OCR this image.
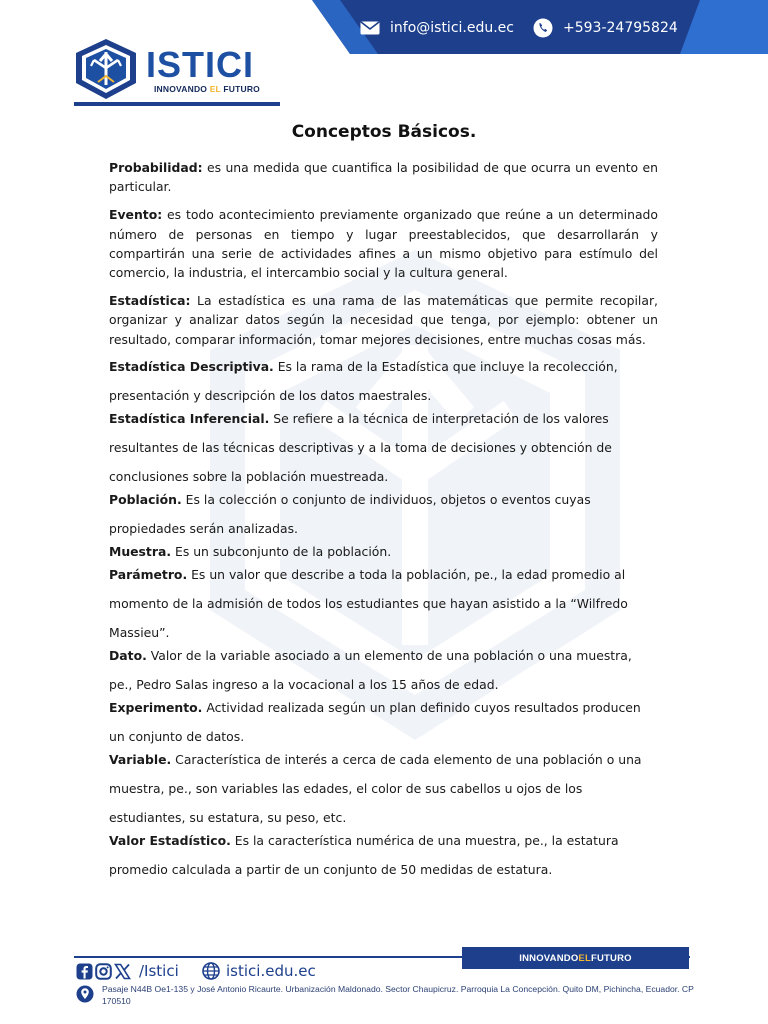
info@istici.edu.ec	+593-24795824
ISTICI
INNOVANDO EL FUTURO
Conceptos Básicos.

Probabilidad: es una medida que cuantifica la posibilidad de que ocurra un evento en particular.

Evento: es todo acontecimiento previamente organizado que reúne a un determinado número de personas en tiempo y lugar preestablecidos, que desarrollarán y compartirán una serie de actividades afines a un mismo objetivo para estímulo del comercio, la industria, el intercambio social y la cultura general.

Estadística: La estadística es una rama de las matemáticas que permite recopilar, organizar y analizar datos según la necesidad que tenga, por ejemplo: obtener un resultado, comparar información, tomar mejores decisiones, entre muchas cosas más.

Estadística Descriptiva. Es la rama de la Estadística que incluye la recolección, presentación y descripción de los datos maestrales.

Estadística Inferencial. Se refiere a la técnica de interpretación de los valores resultantes de las técnicas descriptivas y a la toma de decisiones y obtención de conclusiones sobre la población muestreada.

Población. Es la colección o conjunto de individuos, objetos o eventos cuyas propiedades serán analizadas.

Muestra. Es un subconjunto de la población.

Parámetro. Es un valor que describe a toda la población, pe., la edad promedio al momento de la admisión de todos los estudiantes que hayan asistido a la “Wilfredo Massieu”.

Dato. Valor de la variable asociado a un elemento de una población o una muestra, pe., Pedro Salas ingreso a la vocacional a los 15 años de edad.

Experimento. Actividad realizada según un plan definido cuyos resultados producen un conjunto de datos.

Variable. Característica de interés a cerca de cada elemento de una población o una muestra, pe., son variables las edades, el color de sus cabellos u ojos de los estudiantes, su estatura, su peso, etc.

Valor Estadístico. Es la característica numérica de una muestra, pe., la estatura promedio calculada a partir de un conjunto de 50 medidas de estatura.

INNOVANDO EL FUTURO
/Istici	istici.edu.ec
Pasaje N44B Oe1-135 y José Antonio Ricaurte. Urbanización Maldonado. Sector Chaupicruz. Parroquia La Concepción. Quito DM, Pichincha, Ecuador. CP 170510
